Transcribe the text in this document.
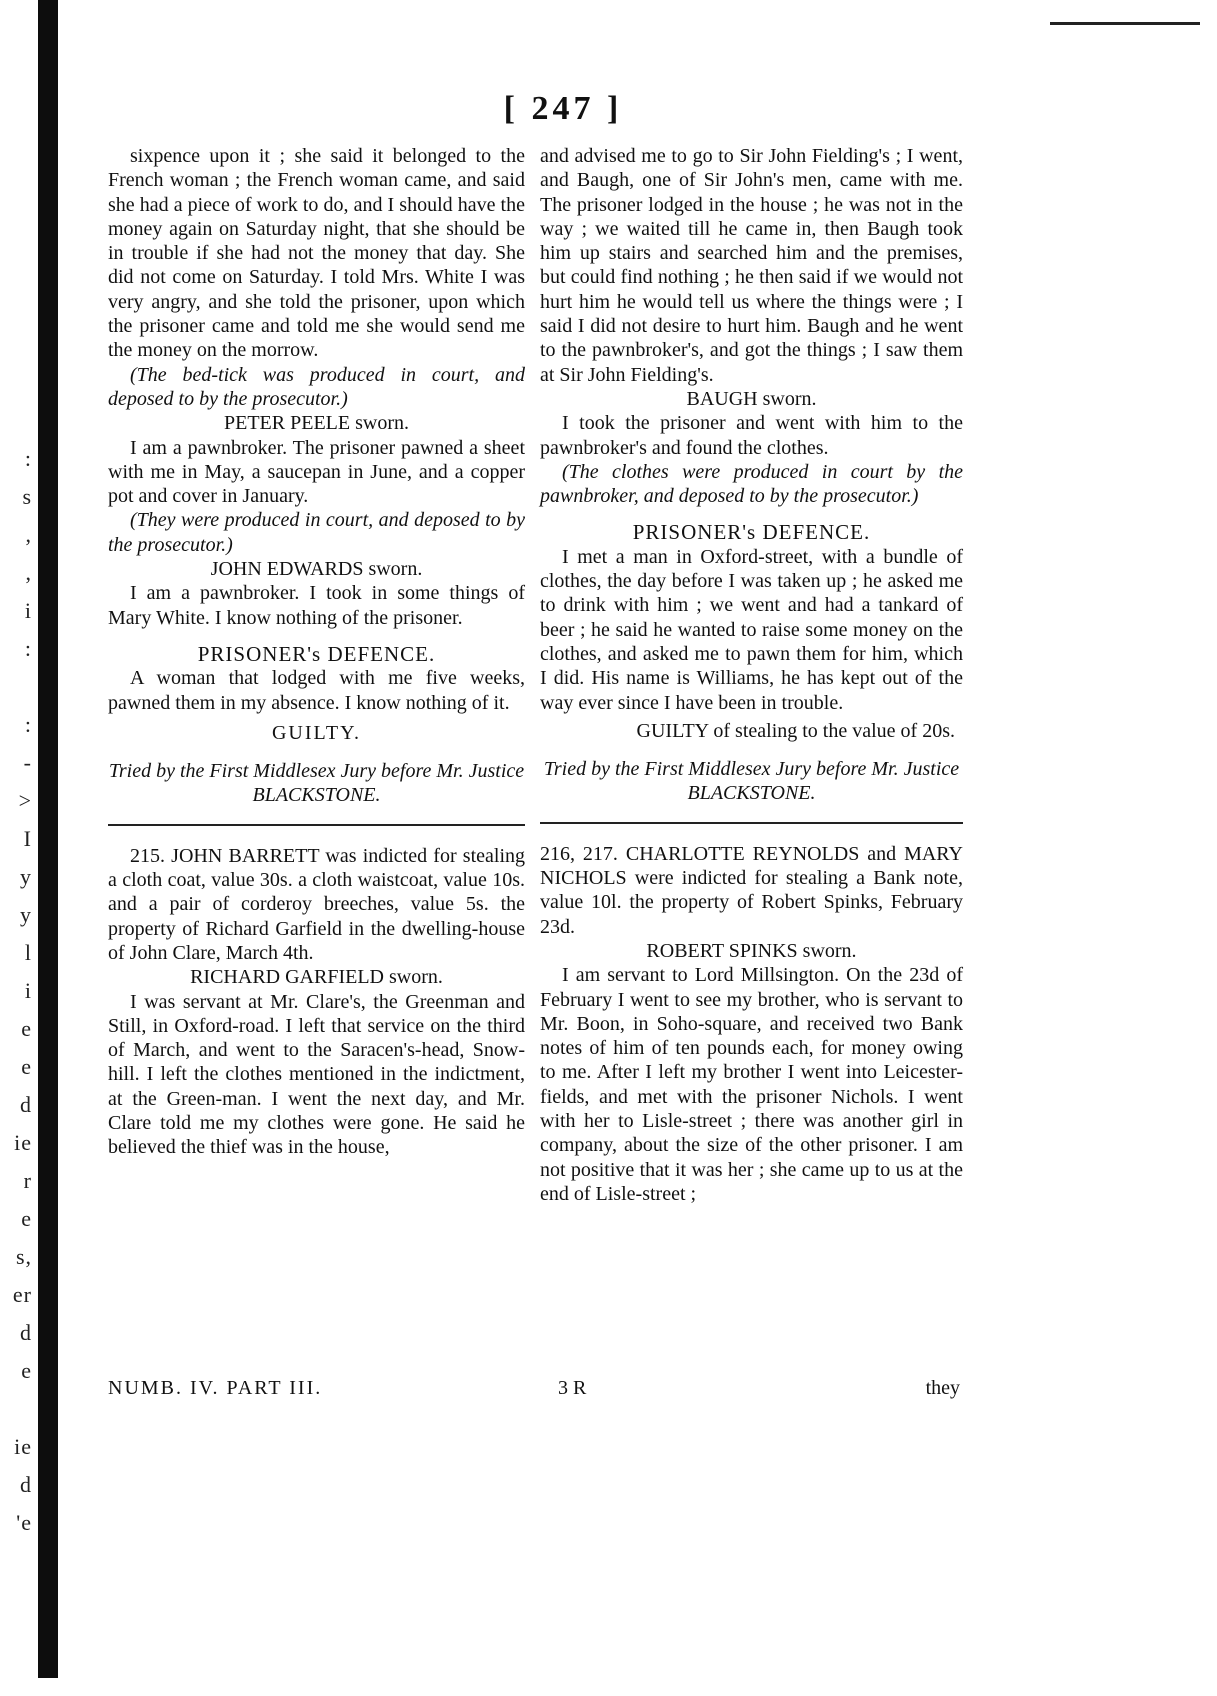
:
s
,
,
i
:
:
-
>
I
y
y
l
i
e
e
d
ie
r
e
s,
er
d
e
ie
d
'e
[ 247 ]

sixpence upon it ; she said it belonged to the French woman ; the French woman came, and said she had a piece of work to do, and I should have the money again on Saturday night, that she should be in trouble if she had not the money that day. She did not come on Saturday. I told Mrs. White I was very angry, and she told the prisoner, upon which the prisoner came and told me she would send me the money on the morrow.

(The bed-tick was produced in court, and deposed to by the prosecutor.)

PETER PEELE sworn.

I am a pawnbroker. The prisoner pawned a sheet with me in May, a saucepan in June, and a copper pot and cover in January.

(They were produced in court, and deposed to by the prosecutor.)

JOHN EDWARDS sworn.

I am a pawnbroker. I took in some things of Mary White. I know nothing of the prisoner.

PRISONER's DEFENCE.

A woman that lodged with me five weeks, pawned them in my absence. I know nothing of it.

GUILTY.

Tried by the First Middlesex Jury before Mr. Justice BLACKSTONE.

215. JOHN BARRETT was indicted for stealing a cloth coat, value 30s. a cloth waistcoat, value 10s. and a pair of corderoy breeches, value 5s. the property of Richard Garfield in the dwelling-house of John Clare, March 4th.

RICHARD GARFIELD sworn.

I was servant at Mr. Clare's, the Greenman and Still, in Oxford-road. I left that service on the third of March, and went to the Saracen's-head, Snow-hill. I left the clothes mentioned in the indictment, at the Green-man. I went the next day, and Mr. Clare told me my clothes were gone. He said he believed the thief was in the house,

and advised me to go to Sir John Fielding's ; I went, and Baugh, one of Sir John's men, came with me. The prisoner lodged in the house ; he was not in the way ; we waited till he came in, then Baugh took him up stairs and searched him and the premises, but could find nothing ; he then said if we would not hurt him he would tell us where the things were ; I said I did not desire to hurt him. Baugh and he went to the pawnbroker's, and got the things ; I saw them at Sir John Fielding's.

BAUGH sworn.

I took the prisoner and went with him to the pawnbroker's and found the clothes.

(The clothes were produced in court by the pawnbroker, and deposed to by the prosecutor.)

PRISONER's DEFENCE.

I met a man in Oxford-street, with a bundle of clothes, the day before I was taken up ; he asked me to drink with him ; we went and had a tankard of beer ; he said he wanted to raise some money on the clothes, and asked me to pawn them for him, which I did. His name is Williams, he has kept out of the way ever since I have been in trouble.

GUILTY of stealing to the value of 20s.

Tried by the First Middlesex Jury before Mr. Justice BLACKSTONE.

216, 217. CHARLOTTE REYNOLDS and MARY NICHOLS were indicted for stealing a Bank note, value 10l. the property of Robert Spinks, February 23d.

ROBERT SPINKS sworn.

I am servant to Lord Millsington. On the 23d of February I went to see my brother, who is servant to Mr. Boon, in Soho-square, and received two Bank notes of him of ten pounds each, for money owing to me. After I left my brother I went into Leicester-fields, and met with the prisoner Nichols. I went with her to Lisle-street ; there was another girl in company, about the size of the other prisoner. I am not positive that it was her ; she came up to us at the end of Lisle-street ;

NUMB. IV. PART III.	3 R	they
